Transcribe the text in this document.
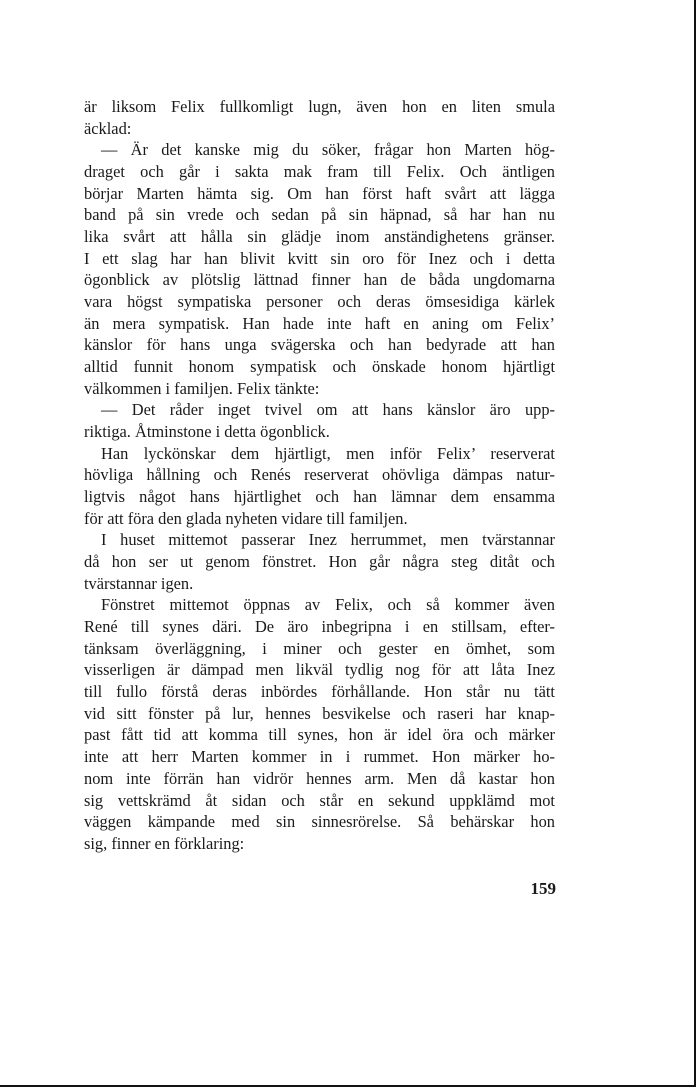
är liksom Felix fullkomligt lugn, även hon en liten smula
äcklad:
— Är det kanske mig du söker, frågar hon Marten hög-
draget och går i sakta mak fram till Felix. Och äntligen
börjar Marten hämta sig. Om han först haft svårt att lägga
band på sin vrede och sedan på sin häpnad, så har han nu
lika svårt att hålla sin glädje inom anständighetens gränser.
I ett slag har han blivit kvitt sin oro för Inez och i detta
ögonblick av plötslig lättnad finner han de båda ungdomarna
vara högst sympatiska personer och deras ömsesidiga kärlek
än mera sympatisk. Han hade inte haft en aning om Felix’
känslor för hans unga svägerska och han bedyrade att han
alltid funnit honom sympatisk och önskade honom hjärtligt
välkommen i familjen. Felix tänkte:
— Det råder inget tvivel om att hans känslor äro upp-
riktiga. Åtminstone i detta ögonblick.
Han lyckönskar dem hjärtligt, men inför Felix’ reserverat
hövliga hållning och Renés reserverat ohövliga dämpas natur-
ligtvis något hans hjärtlighet och han lämnar dem ensamma
för att föra den glada nyheten vidare till familjen.
I huset mittemot passerar Inez herrummet, men tvärstannar
då hon ser ut genom fönstret. Hon går några steg ditåt och
tvärstannar igen.
Fönstret mittemot öppnas av Felix, och så kommer även
René till synes däri. De äro inbegripna i en stillsam, efter-
tänksam överläggning, i miner och gester en ömhet, som
visserligen är dämpad men likväl tydlig nog för att låta Inez
till fullo förstå deras inbördes förhållande. Hon står nu tätt
vid sitt fönster på lur, hennes besvikelse och raseri har knap-
past fått tid att komma till synes, hon är idel öra och märker
inte att herr Marten kommer in i rummet. Hon märker ho-
nom inte förrän han vidrör hennes arm. Men då kastar hon
sig vettskrämd åt sidan och står en sekund uppklämd mot
väggen kämpande med sin sinnesrörelse. Så behärskar hon
sig, finner en förklaring:
159
